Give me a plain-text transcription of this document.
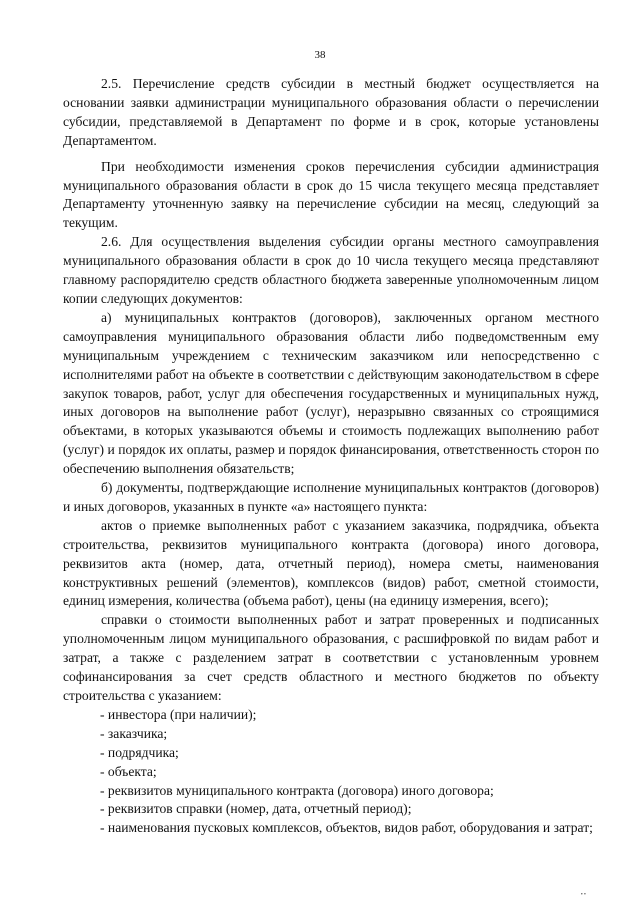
38

2.5. Перечисление средств субсидии в местный бюджет осуществляется на основании заявки администрации муниципального образования области о перечислении субсидии, представляемой в Департамент по форме и в срок, которые установлены Департаментом.

При необходимости изменения сроков перечисления субсидии администрация муниципального образования области в срок до 15 числа текущего месяца представляет Департаменту уточненную заявку на перечисление субсидии на месяц, следующий за текущим.

2.6. Для осуществления выделения субсидии органы местного самоуправления муниципального образования области в срок до 10 числа текущего месяца представляют главному распорядителю средств областного бюджета заверенные уполномоченным лицом копии следующих документов:

а) муниципальных контрактов (договоров), заключенных органом местного самоуправления муниципального образования области либо подведомственным ему муниципальным учреждением с техническим заказчиком или непосредственно с исполнителями работ на объекте в соответствии с действующим законодательством в сфере закупок товаров, работ, услуг для обеспечения государственных и муниципальных нужд, иных договоров на выполнение работ (услуг), неразрывно связанных со строящимися объектами, в которых указываются объемы и стоимость подлежащих выполнению работ (услуг) и порядок их оплаты, размер и порядок финансирования, ответственность сторон по обеспечению выполнения обязательств;

б) документы, подтверждающие исполнение муниципальных контрактов (договоров) и иных договоров, указанных в пункте «а» настоящего пункта:

актов о приемке выполненных работ с указанием заказчика, подрядчика, объекта строительства, реквизитов муниципального контракта (договора) иного договора, реквизитов акта (номер, дата, отчетный период), номера сметы, наименования конструктивных решений (элементов), комплексов (видов) работ, сметной стоимости, единиц измерения, количества (объема работ), цены (на единицу измерения, всего);

справки о стоимости выполненных работ и затрат проверенных и подписанных уполномоченным лицом муниципального образования, с расшифровкой по видам работ и затрат, а также с разделением затрат в соответствии с установленным уровнем софинансирования за счет средств областного и местного бюджетов по объекту строительства с указанием:

- инвестора (при наличии);

- заказчика;

- подрядчика;

- объекта;

- реквизитов муниципального контракта (договора) иного договора;

- реквизитов справки (номер, дата, отчетный период);

- наименования пусковых комплексов, объектов, видов работ, оборудования и затрат;

••
